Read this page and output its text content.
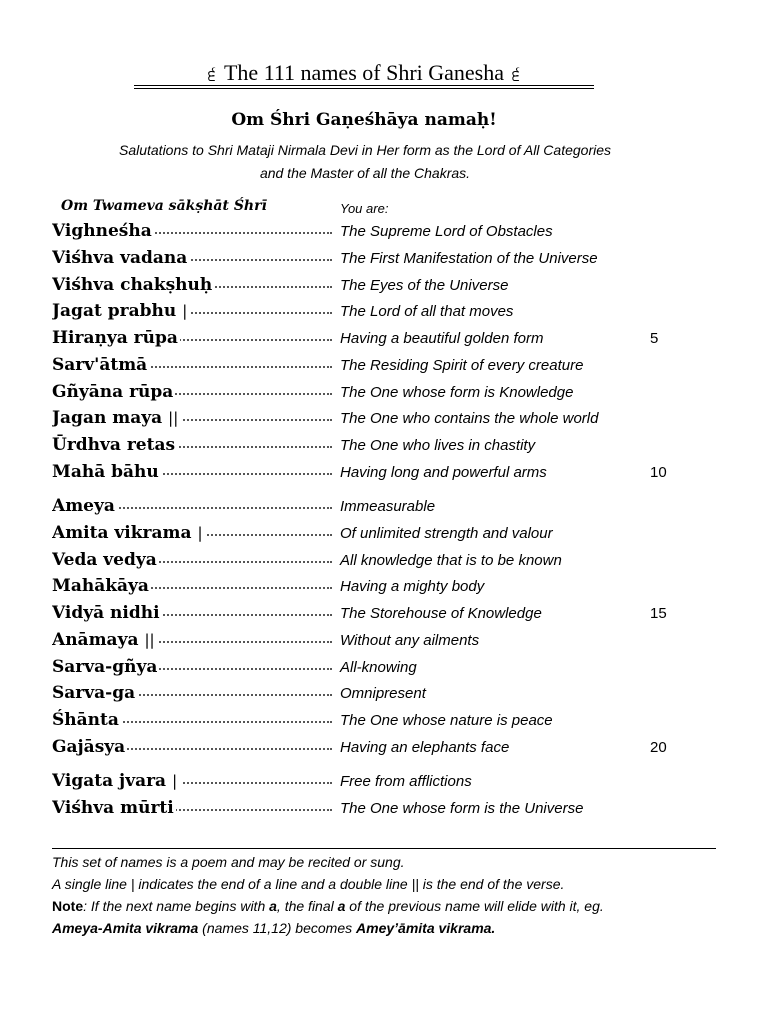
੬ The 111 names of Shri Ganesha ੬
Om Śhri Gaṇeśhāya namaḥ!
Salutations to Shri Mataji Nirmala Devi in Her form as the Lord of All Categories
and the Master of all the Chakras.
Om Twameva sākṣhāt Śhrī	You are:
Vighneśha	The Supreme Lord of Obstacles
Viśhva vadana	The First Manifestation of the Universe
Viśhva chakṣhuḥ	The Eyes of the Universe
Jagat prabhu |	The Lord of all that moves
Hiraṇya rūpa	Having a beautiful golden form	5
Sarv'ātmā	The Residing Spirit of every creature
Gñyāna rūpa	The One whose form is Knowledge
Jagan maya ||	The One who contains the whole world
Ūrdhva retas	The One who lives in chastity
Mahā bāhu	Having long and powerful arms	10
Ameya	Immeasurable
Amita vikrama |	Of unlimited strength and valour
Veda vedya	All knowledge that is to be known
Mahākāya	Having a mighty body
Vidyā nidhi	The Storehouse of Knowledge	15
Anāmaya ||	Without any ailments
Sarva-gñya	All-knowing
Sarva-ga	Omnipresent
Śhānta	The One whose nature is peace
Gajāsya	Having an elephants face	20
Vigata jvara |	Free from afflictions
Viśhva mūrti	The One whose form is the Universe

This set of names is a poem and may be recited or sung.

A single line | indicates the end of a line and a double line || is the end of the verse.

Note: If the next name begins with a, the final a of the previous name will elide with it, eg.

Ameya-Amita vikrama (names 11,12) becomes Ameyʼāmita vikrama.
